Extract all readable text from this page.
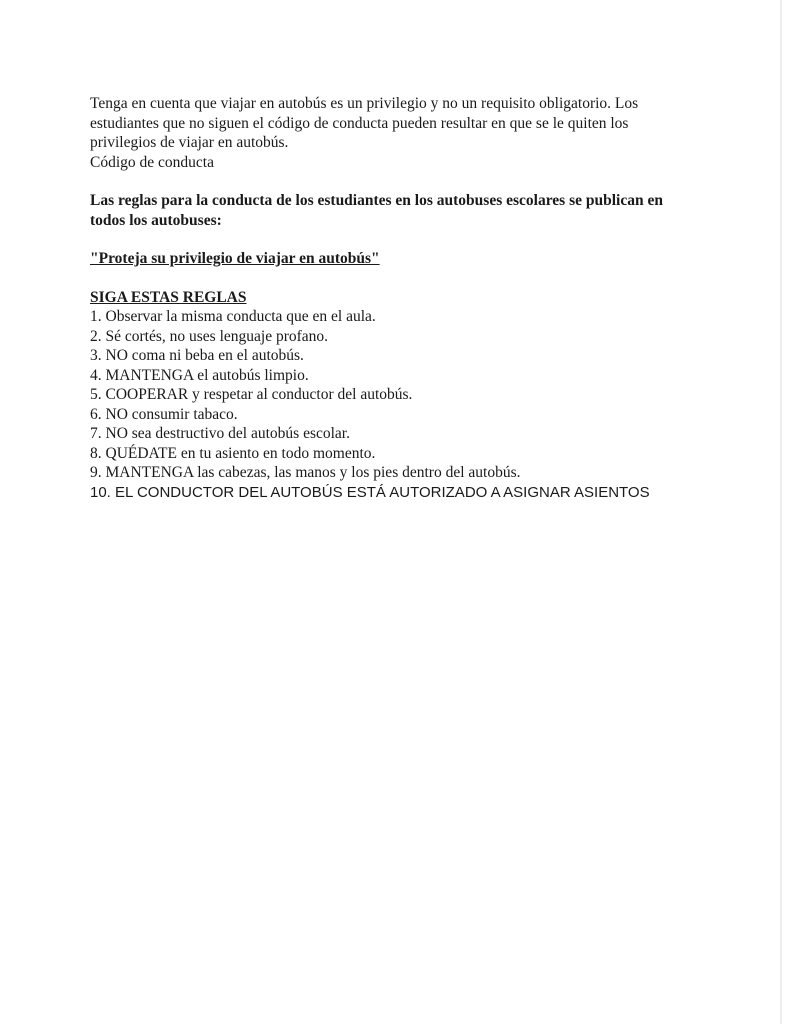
Tenga en cuenta que viajar en autobús es un privilegio y no un requisito obligatorio. Los estudiantes que no siguen el código de conducta pueden resultar en que se le quiten los privilegios de viajar en autobús.

Código de conducta

Las reglas para la conducta de los estudiantes en los autobuses escolares se publican en todos los autobuses:

"Proteja su privilegio de viajar en autobús"

SIGA ESTAS REGLAS

1. Observar la misma conducta que en el aula.
2. Sé cortés, no uses lenguaje profano.
3. NO coma ni beba en el autobús.
4. MANTENGA el autobús limpio.
5. COOPERAR y respetar al conductor del autobús.
6. NO consumir tabaco.
7. NO sea destructivo del autobús escolar.
8. QUÉDATE en tu asiento en todo momento.
9. MANTENGA las cabezas, las manos y los pies dentro del autobús.
10. EL CONDUCTOR DEL AUTOBÚS ESTÁ AUTORIZADO A ASIGNAR ASIENTOS
